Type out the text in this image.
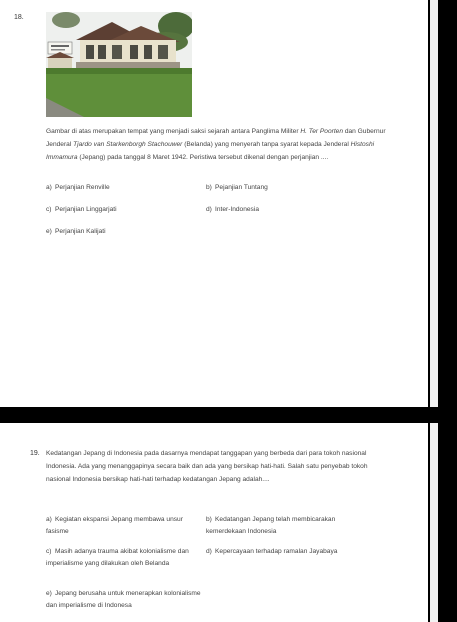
18.
Gambar di atas merupakan tempat yang menjadi saksi sejarah antara Panglima Militer H. Ter Poorten dan Gubernur Jenderal Tjardo van Starkenborgh Stachouwer (Belanda) yang menyerah tanpa syarat kepada Jenderal Histoshi Immamura (Jepang) pada tanggal 8 Maret 1942. Peristiwa tersebut dikenal dengan perjanjian ....
a) Perjanjian Renville	b) Pejanjian Tuntang
c) Perjanjian Linggarjati	d) Inter-Indonesia
e) Perjanjian Kalijati
19. Kedatangan Jepang di Indonesia pada dasarnya mendapat tanggapan yang berbeda dari para tokoh nasional Indonesia. Ada yang menanggapinya secara baik dan ada yang bersikap hati-hati. Salah satu penyebab tokoh nasional Indonesia bersikap hati-hati terhadap kedatangan Jepang adalah....
a) Kegiatan ekspansi Jepang membawa unsur fasisme
b) Kedatangan Jepang telah membicarakan kemerdekaan Indonesia
c) Masih adanya trauma akibat kolonialisme dan imperialisme yang dilakukan oleh Belanda
d) Kepercayaan terhadap ramalan Jayabaya
e) Jepang berusaha untuk menerapkan kolonialisme dan imperialisme di Indonesa
